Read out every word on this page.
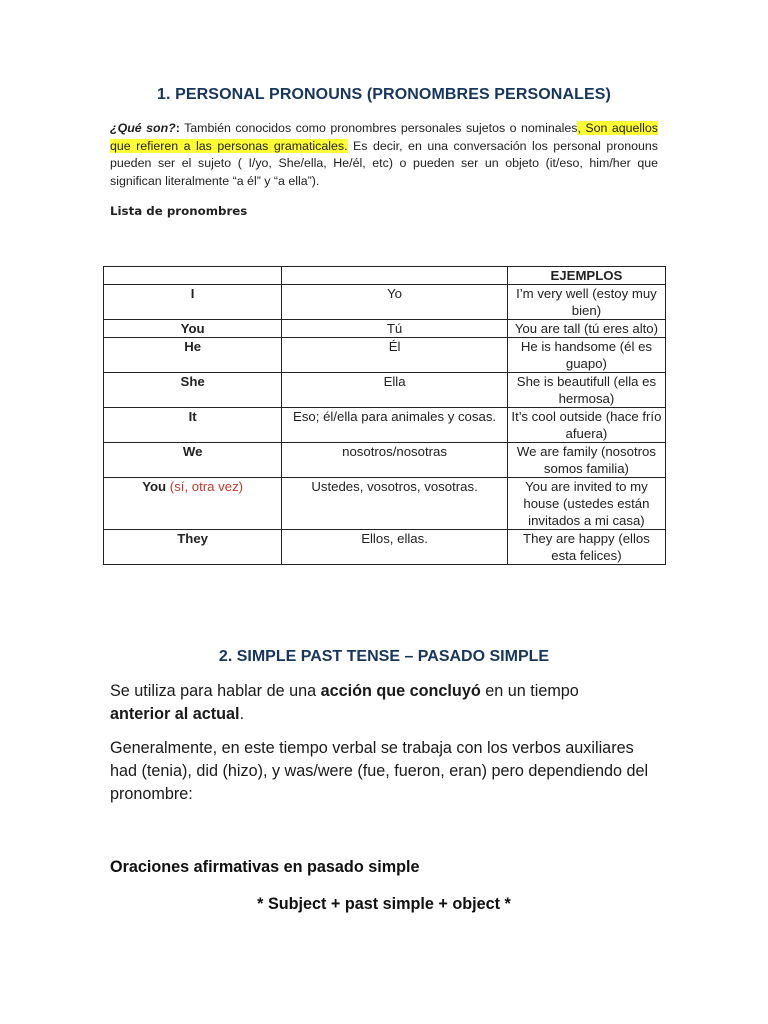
1. PERSONAL PRONOUNS (PRONOMBRES PERSONALES)
¿Qué son?: También conocidos como pronombres personales sujetos o nominales, Son aquellos que refieren a las personas gramaticales. Es decir, en una conversación los personal pronouns pueden ser el sujeto ( I/yo, She/ella, He/él, etc) o pueden ser un objeto (it/eso, him/her que significan literalmente “a él” y “a ella”).
Lista de pronombres
		EJEMPLOS
I	Yo	I’m very well (estoy muy bien)
You	Tú	You are tall (tú eres alto)
He	Él	He is handsome (él es guapo)
She	Ella	She is beautifull (ella es hermosa)
It	Eso; él/ella para animales y cosas.	It’s cool outside (hace frío afuera)
We	nosotros/nosotras	We are family (nosotros somos familia)
You (sí, otra vez)	Ustedes, vosotros, vosotras.	You are invited to my house (ustedes están invitados a mi casa)
They	Ellos, ellas.	They are happy (ellos esta felices)
2. SIMPLE PAST TENSE – PASADO SIMPLE
Se utiliza para hablar de una acción que concluyó en un tiempo anterior al actual.
Generalmente, en este tiempo verbal se trabaja con los verbos auxiliares had (tenia), did (hizo), y was/were (fue, fueron, eran) pero dependiendo del pronombre:
Oraciones afirmativas en pasado simple
* Subject + past simple + object *
